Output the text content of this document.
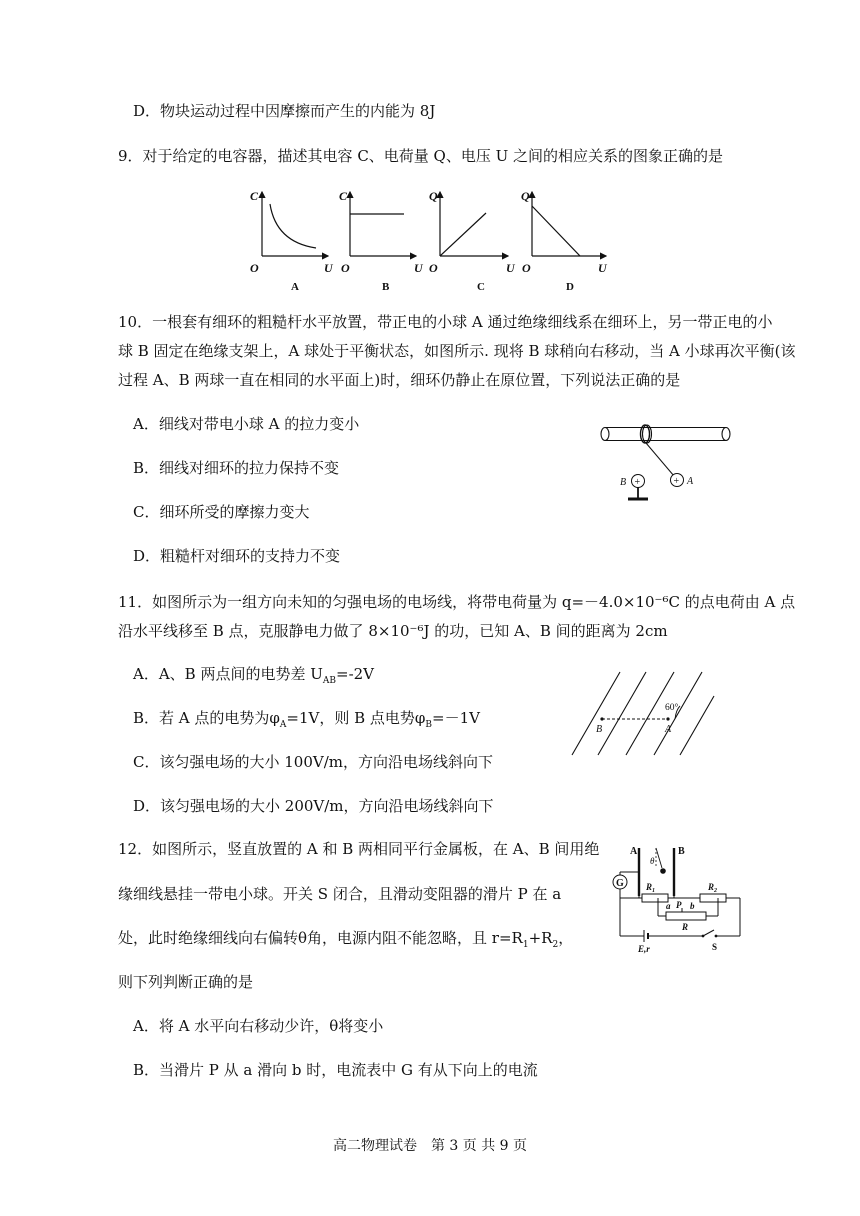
D．物块运动过程中因摩擦而产生的内能为 8J
9．对于给定的电容器，描述其电容 C、电荷量 Q、电压 U 之间的相应关系的图象正确的是
C
O	U
A
C
O	U
B
Q
O	U
C
Q
O	U
D
10．一根套有细环的粗糙杆水平放置，带正电的小球 A 通过绝缘细线系在细环上，另一带正电的小
球 B 固定在绝缘支架上，A 球处于平衡状态，如图所示. 现将 B 球稍向右移动，当 A 小球再次平衡(该
过程 A、B 两球一直在相同的水平面上)时，细环仍静止在原位置，下列说法正确的是
A．细线对带电小球 A 的拉力变小
B．细线对细环的拉力保持不变
C．细环所受的摩擦力变大
D．粗糙杆对细环的支持力不变
+ A
+
B
11．如图所示为一组方向未知的匀强电场的电场线，将带电荷量为 q=－4.0×10⁻⁶C 的点电荷由 A 点
沿水平线移至 B 点，克服静电力做了 8×10⁻⁶J 的功，已知 A、B 间的距离为 2cm
A．A、B 两点间的电势差 $U_{AB}=-2V$
B．若 A 点的电势为$\varphi_A=1V$，则 B 点电势$\varphi_B=-1V$
C．该匀强电场的大小 100V/m，方向沿电场线斜向下
D．该匀强电场的大小 200V/m，方向沿电场线斜向下
60°
B	A
12．如图所示，竖直放置的 A 和 B 两相同平行金属板，在 A、B 间用绝
缘细线悬挂一带电小球。开关 S 闭合，且滑动变阻器的滑片 P 在 a
处，此时绝缘细线向右偏转θ角，电源内阻不能忽略，且 $r=R_1+R_2$，
则下列判断正确的是
A．将 A 水平向右移动少许，θ将变小
B．当滑片 P 从 a 滑向 b 时，电流表中 G 有从下向上的电流
A	B
θ
G $R_1$	$R_2$
a P b
R
E,r	S
高二物理试卷　第 3 页 共 9 页
